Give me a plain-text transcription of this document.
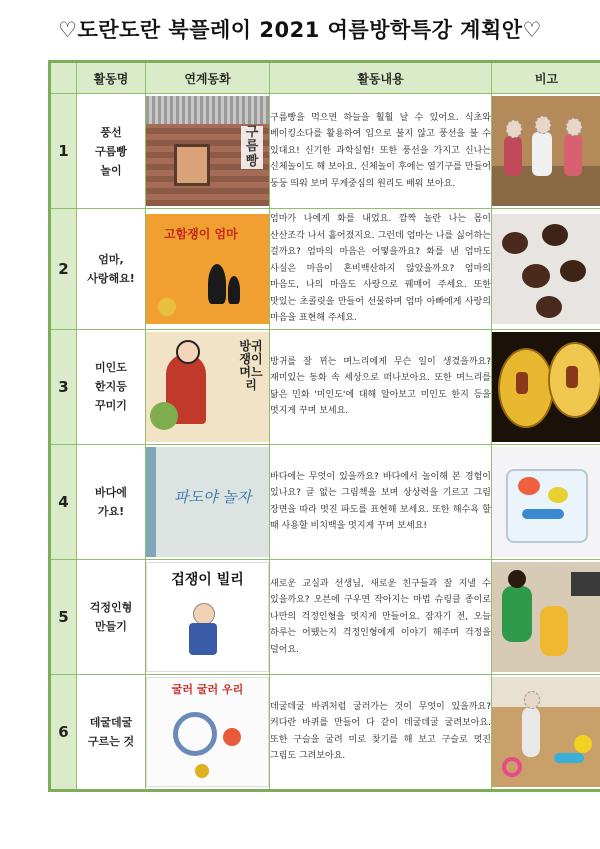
♡도란도란 북플레이 2021 여름방학특강 계획안♡
	활동명	연계동화	활동내용	비고
1	풍선
구름빵
놀이	구름빵	구름빵을 먹으면 하늘을 훨훨 날 수 있어요. 식초와 베이킹소다를 활용하여 입으로 불지 않고 풍선을 불 수 있대요! 신기한 과학실험! 또한 풍선을 가지고 신나는 신체놀이도 해 보아요. 신체놀이 후에는 열기구를 만들어 둥둥 띄워 보며 무게중심의 원리도 배워 보아요.	

2	엄마,
사랑해요!	고함쟁이 엄마	엄마가 나에게 화를 내었요. 깜짝 놀란 나는 몸이 산산조각 나서 흩어졌지요. 그런데 엄마는 나를 싫어하는 걸까요? 엄마의 마음은 어떻을까요? 화를 낸 엄마도 사실은 마음이 혼비백산하지 않았을까요? 엄마의 마음도, 나의 마음도 사랑으로 꿰매어 주세요. 또한 맛있는 초콜릿을 만들어 선물하며 엄마 아빠에게 사랑의 마음을 표현해 주세요.	

3	미인도
한지등
꾸미기	방귀쟁이 며느리	방귀를 잘 뀌는 며느리에게 무슨 일이 생겼을까요? 재미있는 동화 속 세상으로 떠나보아요. 또한 며느리를 닮은 민화 '미인도'에 대해 알아보고 미인도 한지 등을 멋지게 꾸며 보세요.	

4	바다에
가요!	파도야 놀자	바다에는 무엇이 있을까요? 바다에서 놀이해 본 경험이 있나요? 글 없는 그림책을 보며 상상력을 기르고 그림 장면을 따라 멋진 파도를 표현해 보세요. 또한 해수욕 할 때 사용할 비치백을 멋지게 꾸며 보세요!	

5	걱정인형
만들기	겁쟁이 빌리	새로운 교실과 선생님, 새로운 친구들과 잘 지낼 수 있을까요? 오븐에 구우면 작아지는 마법 슈링클 종이로 나만의 걱정인형을 멋지게 만들어요. 잠자기 전, 오늘 하루는 어땠는지 걱정인형에게 이야기 해주며 걱정을 덜어요.	

6	데굴데굴
구르는 것	굴러 굴러 우리	데굴데굴 바퀴처럼 굴러가는 것이 무엇이 있을까요? 커다란 바퀴를 만들어 다 같이 데굴데굴 굴려보아요. 또한 구슬을 굴려 미로 찾기를 해 보고 구슬로 멋진 그림도 그려보아요.	
